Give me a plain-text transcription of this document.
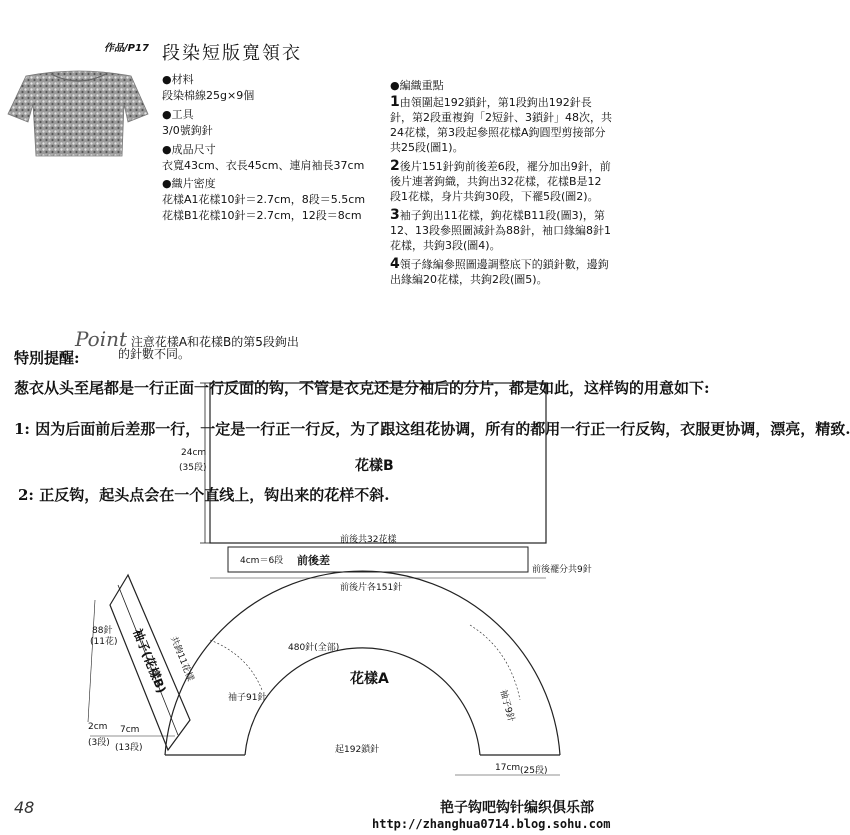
作品/P17 段染短版寬領衣
●材料
段染棉線25g×9個
●工具
3/0號鉤針
●成品尺寸
衣寬43cm、衣長45cm、連肩袖長37cm
●織片密度
花樣A1花樣10針＝2.7cm，8段＝5.5cm
花樣B1花樣10針＝2.7cm，12段＝8cm
●編織重點
1由領圍起192鎖針，第1段鉤出192針長針，第2段重複鉤「2短針、3鎖針」48次，共24花樣，第3段起參照花樣A鉤圓型剪接部分共25段(圖1)。
2後片151針鉤前後差6段，襬分加出9針，前後片連著鉤織，共鉤出32花樣，花樣B是12段1花樣，身片共鉤30段，下襬5段(圖2)。
3袖子鉤出11花樣，鉤花樣B11段(圖3)，第12、13段參照圖減針為88針，袖口緣編8針1花樣，共鉤3段(圖4)。
4領子緣編參照圖邊調整底下的鎖針數，邊鉤出緣編20花樣，共鉤2段(圖5)。
Point 注意花樣A和花樣B的第5段鉤出
的針數不同。
特別提醒:
葱衣从头至尾都是一行正面一行反面的钩，不管是衣克还是分袖后的分片，都是如此，这样钩的用意如下:
1: 因为后面前后差那一行，一定是一行正一行反，为了跟这组花协调，所有的都用一行正一行反钩，衣服更协调，漂亮，精致.
2: 正反钩，起头点会在一个直线上，钩出来的花样不斜.
24cm
(35段)	花樣B
前後共32花樣
4cm＝6段 前後差
前後襬分共9針
前後片各151針
袖子(花樣B) 共鉤11花樣
88針
(11花)
2cm
(3段)
7cm
(13段)
480針(全部)
花樣A
袖子91針	袖子9針
起192鎖針
17cm (25段)
48	艳子钩吧钩针编织俱乐部
http://zhanghua0714.blog.sohu.com
